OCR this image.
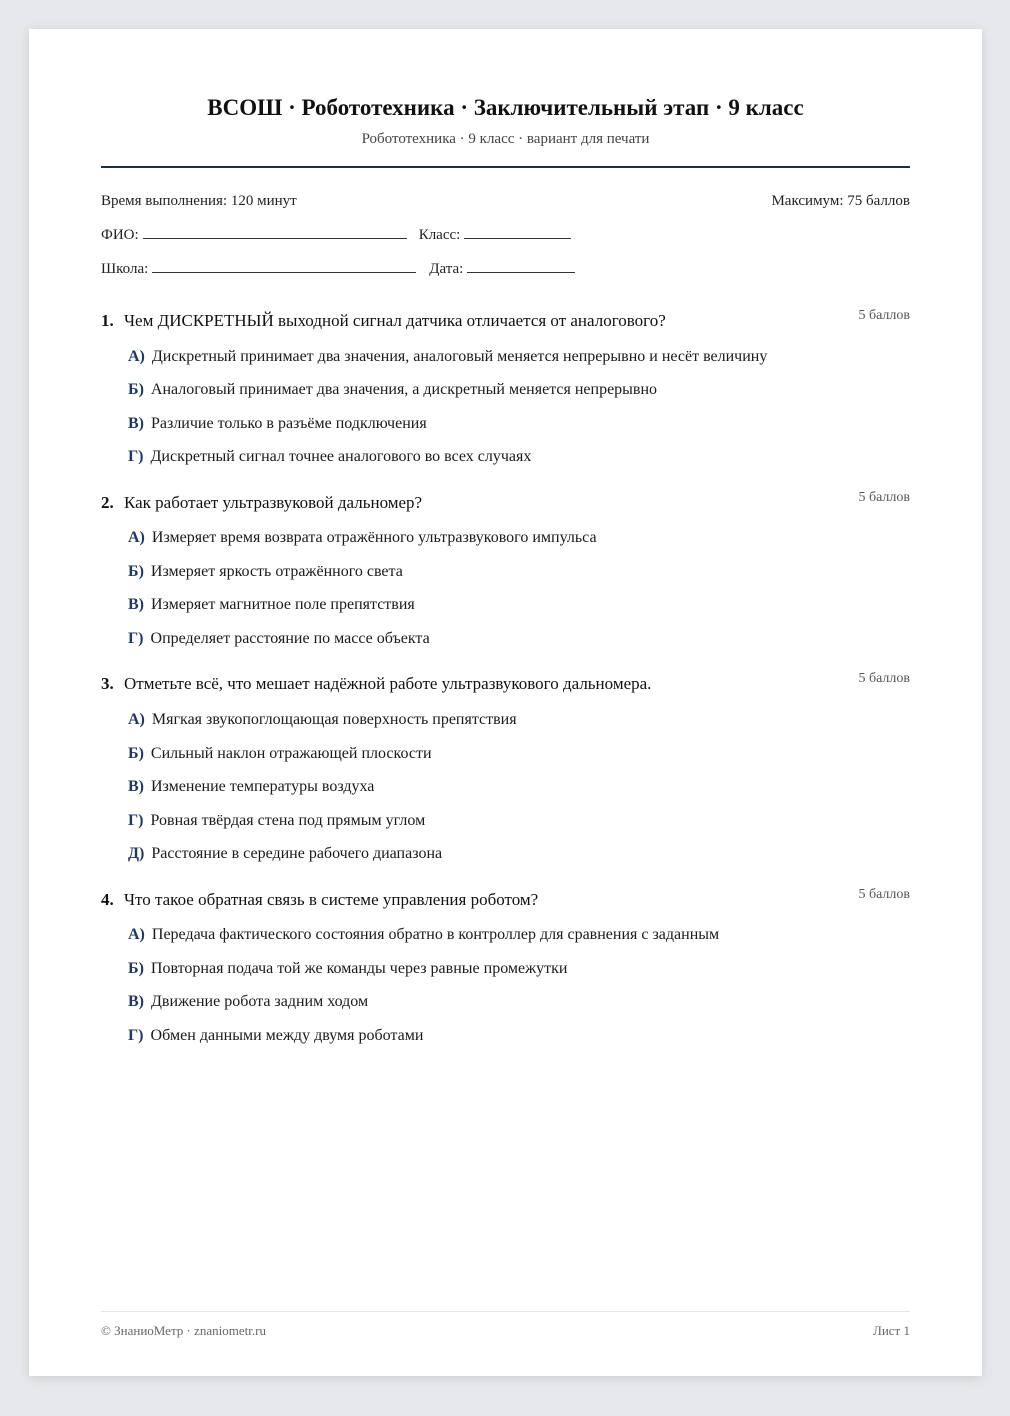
ВСОШ · Робототехника · Заключительный этап · 9 класс
Робототехника · 9 класс · вариант для печати
Время выполнения: 120 минут	Максимум: 75 баллов
ФИО:	Класс:
Школа:	Дата:
1. Чем ДИСКРЕТНЫЙ выходной сигнал датчика отличается от аналогового?	5 баллов
А) Дискретный принимает два значения, аналоговый меняется непрерывно и несёт величину
Б) Аналоговый принимает два значения, а дискретный меняется непрерывно
В) Различие только в разъёме подключения
Г) Дискретный сигнал точнее аналогового во всех случаях
2. Как работает ультразвуковой дальномер?	5 баллов
А) Измеряет время возврата отражённого ультразвукового импульса
Б) Измеряет яркость отражённого света
В) Измеряет магнитное поле препятствия
Г) Определяет расстояние по массе объекта
3. Отметьте всё, что мешает надёжной работе ультразвукового дальномера.	5 баллов
А) Мягкая звукопоглощающая поверхность препятствия
Б) Сильный наклон отражающей плоскости
В) Изменение температуры воздуха
Г) Ровная твёрдая стена под прямым углом
Д) Расстояние в середине рабочего диапазона
4. Что такое обратная связь в системе управления роботом?	5 баллов
А) Передача фактического состояния обратно в контроллер для сравнения с заданным
Б) Повторная подача той же команды через равные промежутки
В) Движение робота задним ходом
Г) Обмен данными между двумя роботами
© ЗнаниоМетр · znaniometr.ru	Лист 1
